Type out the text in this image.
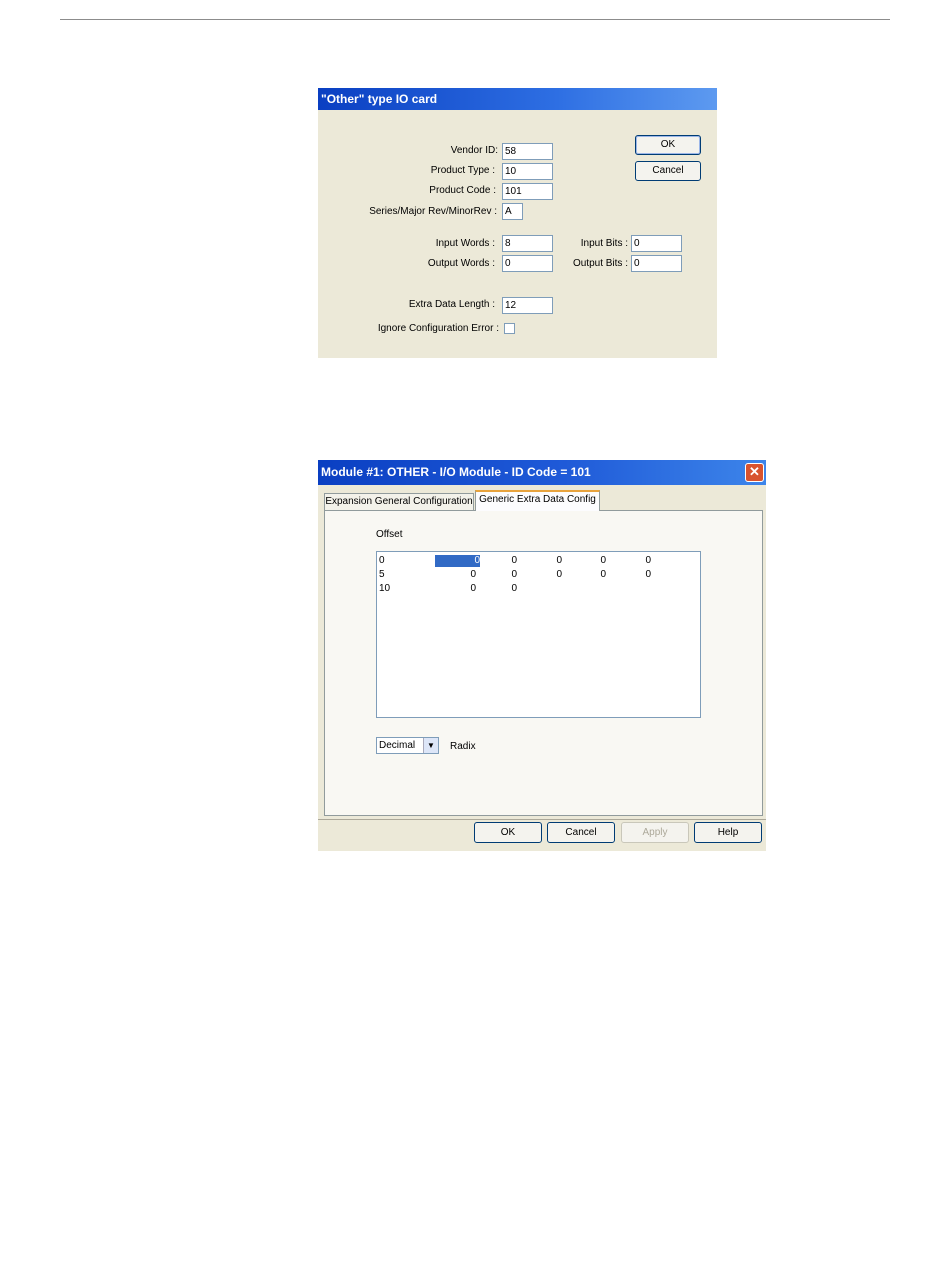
"Other" type IO card
Vendor ID: 58
Product Type :	10
Product Code : 101
Series/Major Rev/MinorRev : A
Input Words :	8
Output Words :	0
Input Bits : 0
Output Bits : 0
Extra Data Length :	12
Ignore Configuration Error :
OK
Cancel
Module #1: OTHER - I/O Module - ID Code = 101	✕
Expansion General Configuration Generic Extra Data Config
Offset
0	0	0	0	0	0
5	0	0	0	0	0
10	0	0
Decimal	▼	Radix
OK	Cancel	Apply	Help
